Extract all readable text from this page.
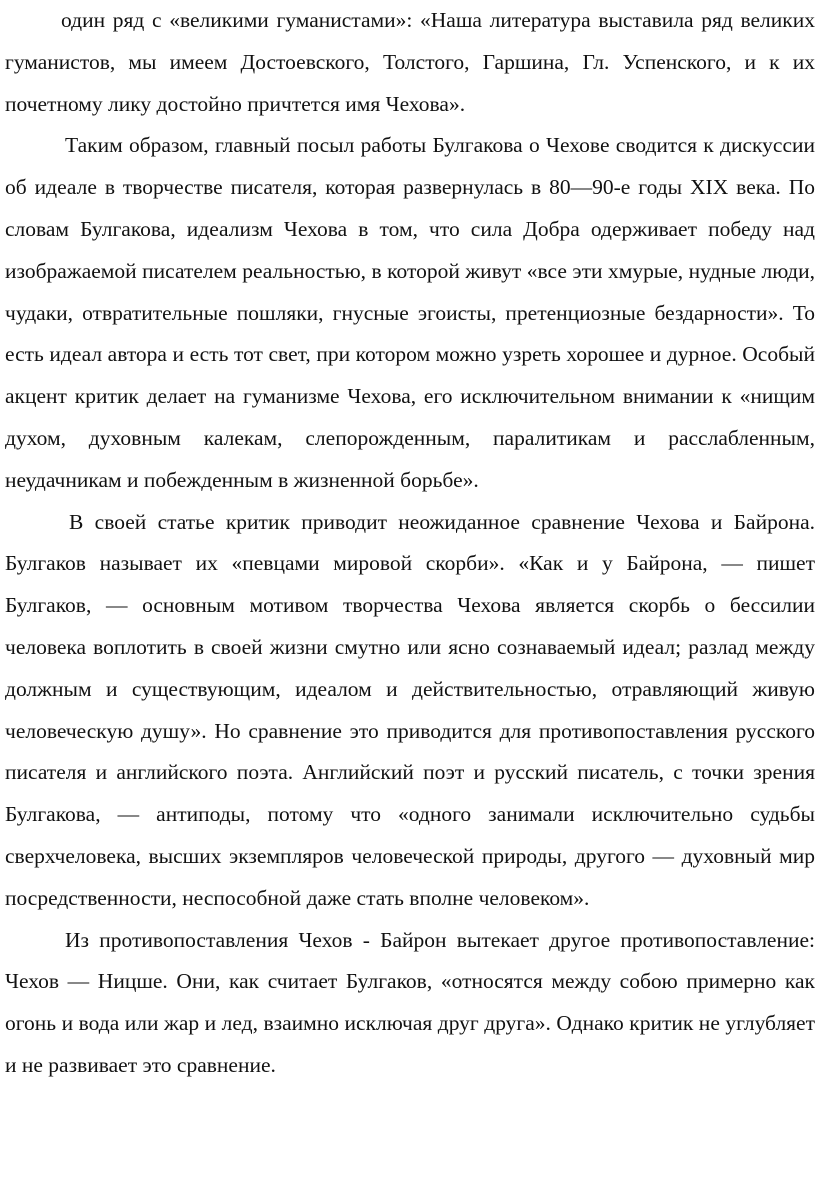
один ряд с «великими гуманистами»: «Наша литература выставила ряд великих гуманистов, мы имеем Достоевского, Толстого, Гаршина, Гл. Успенского, и к их почетному лику достойно причтется имя Чехова».

Таким образом, главный посыл работы Булгакова о Чехове сводится к дискуссии об идеале в творчестве писателя, которая развернулась в 80—90-е годы XIX века. По словам Булгакова, идеализм Чехова в том, что сила Добра одерживает победу над изображаемой писателем реальностью, в которой живут «все эти хмурые, нудные люди, чудаки, отвратительные пошляки, гнусные эгоисты, претенциозные бездарности». То есть идеал автора и есть тот свет, при котором можно узреть хорошее и дурное. Особый акцент критик делает на гуманизме Чехова, его исключительном внимании к «нищим духом, духовным калекам, слепорожденным, паралитикам и расслабленным, неудачникам и побежденным в жизненной борьбе».

В своей статье критик приводит неожиданное сравнение Чехова и Байрона. Булгаков называет их «певцами мировой скорби». «Как и у Байрона, — пишет Булгаков, — основным мотивом творчества Чехова является скорбь о бессилии человека воплотить в своей жизни смутно или ясно сознаваемый идеал; разлад между должным и существующим, идеалом и действительностью, отравляющий живую человеческую душу». Но сравнение это приводится для противопоставления русского писателя и английского поэта. Английский поэт и русский писатель, с точки зрения Булгакова, — антиподы, потому что «одного занимали исключительно судьбы сверхчеловека, высших экземпляров человеческой природы, другого — духовный мир посредственности, неспособной даже стать вполне человеком».

Из противопоставления Чехов - Байрон вытекает другое противопоставление: Чехов — Ницше. Они, как считает Булгаков, «относятся между собою примерно как огонь и вода или жар и лед, взаимно исключая друг друга». Однако критик не углубляет и не развивает это сравнение.
